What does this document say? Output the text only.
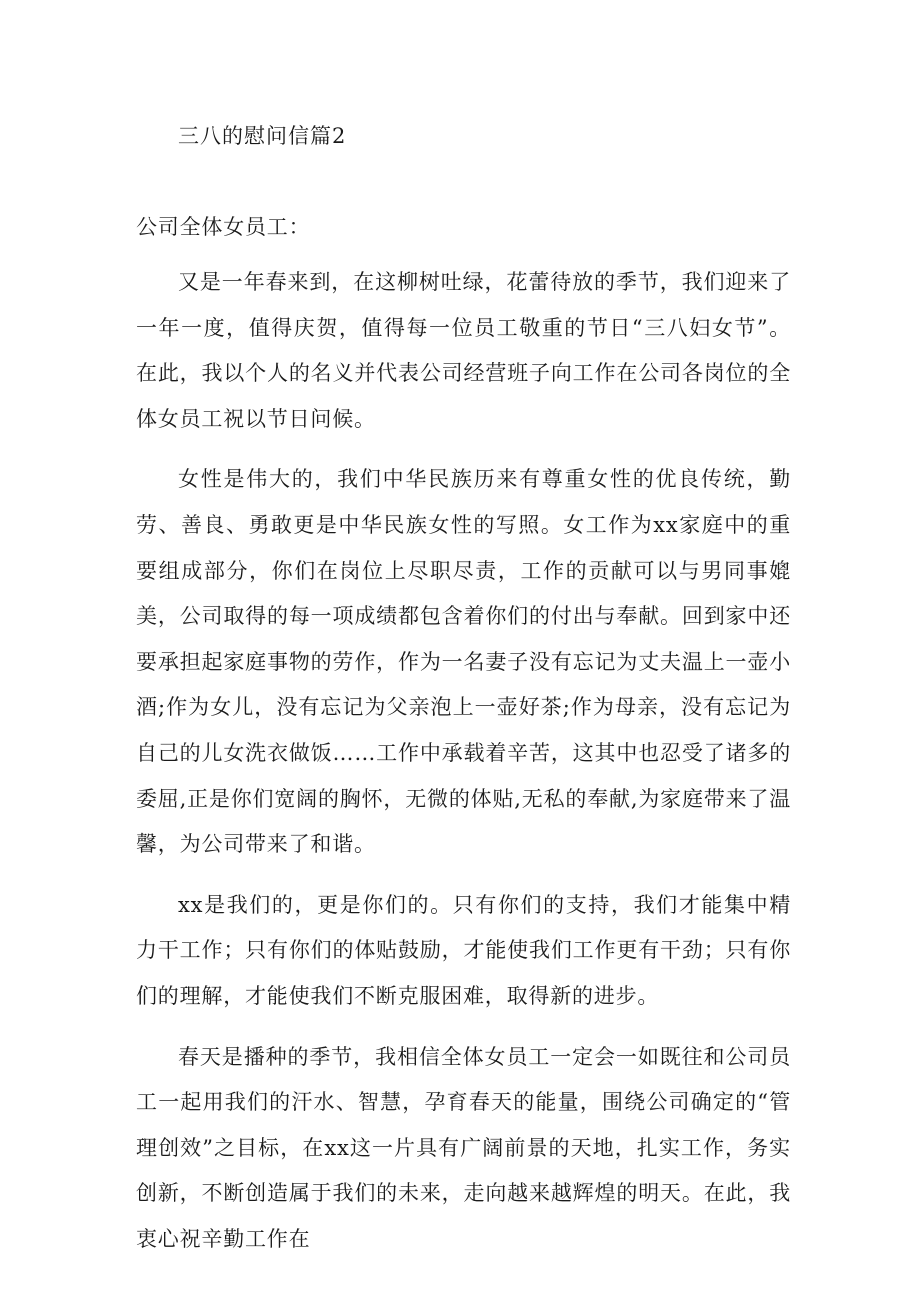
三八的慰问信篇2

公司全体女员工：

又是一年春来到，在这柳树吐绿，花蕾待放的季节，我们迎来了一年一度，值得庆贺，值得每一位员工敬重的节日“三八妇女节”。在此，我以个人的名义并代表公司经营班子向工作在公司各岗位的全体女员工祝以节日问候。

女性是伟大的，我们中华民族历来有尊重女性的优良传统，勤劳、善良、勇敢更是中华民族女性的写照。女工作为xx家庭中的重要组成部分，你们在岗位上尽职尽责，工作的贡献可以与男同事媲美，公司取得的每一项成绩都包含着你们的付出与奉献。回到家中还要承担起家庭事物的劳作，作为一名妻子没有忘记为丈夫温上一壶小酒;作为女儿，没有忘记为父亲泡上一壶好茶;作为母亲，没有忘记为自己的儿女洗衣做饭……工作中承载着辛苦，这其中也忍受了诸多的委屈,正是你们宽阔的胸怀，无微的体贴,无私的奉献,为家庭带来了温馨，为公司带来了和谐。

xx是我们的，更是你们的。只有你们的支持，我们才能集中精力干工作；只有你们的体贴鼓励，才能使我们工作更有干劲；只有你们的理解，才能使我们不断克服困难，取得新的进步。

春天是播种的季节，我相信全体女员工一定会一如既往和公司员工一起用我们的汗水、智慧，孕育春天的能量，围绕公司确定的“管理创效”之目标，在xx这一片具有广阔前景的天地，扎实工作，务实创新，不断创造属于我们的未来，走向越来越辉煌的明天。在此，我衷心祝辛勤工作在
